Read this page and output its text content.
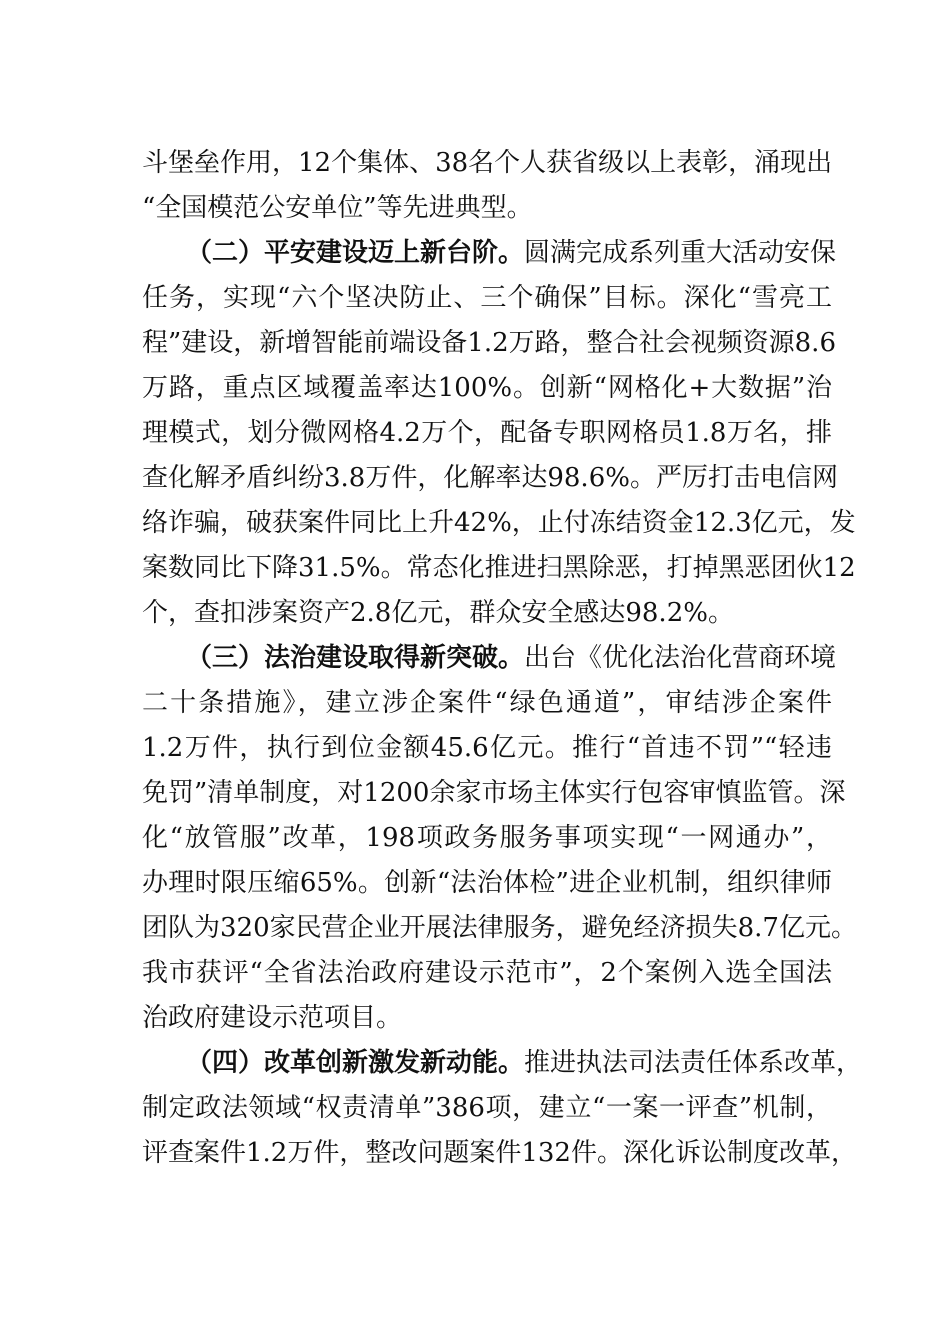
斗堡垒作用，12个集体、38名个人获省级以上表彰，涌现出
“全国模范公安单位”等先进典型。
（二）平安建设迈上新台阶。圆满完成系列重大活动安保
任务，实现“六个坚决防止、三个确保”目标。深化“雪亮工
程”建设，新增智能前端设备1.2万路，整合社会视频资源8.6
万路，重点区域覆盖率达100%。创新“网格化+大数据”治
理模式，划分微网格4.2万个，配备专职网格员1.8万名，排
查化解矛盾纠纷3.8万件，化解率达98.6%。严厉打击电信网
络诈骗，破获案件同比上升42%，止付冻结资金12.3亿元，发
案数同比下降31.5%。常态化推进扫黑除恶，打掉黑恶团伙12
个，查扣涉案资产2.8亿元，群众安全感达98.2%。
（三）法治建设取得新突破。出台《优化法治化营商环境
二十条措施》，建立涉企案件“绿色通道”，审结涉企案件
1.2万件，执行到位金额45.6亿元。推行“首违不罚”“轻违
免罚”清单制度，对1200余家市场主体实行包容审慎监管。深
化“放管服”改革，198项政务服务事项实现“一网通办”，
办理时限压缩65%。创新“法治体检”进企业机制，组织律师
团队为320家民营企业开展法律服务，避免经济损失8.7亿元。
我市获评“全省法治政府建设示范市”，2个案例入选全国法
治政府建设示范项目。
（四）改革创新激发新动能。推进执法司法责任体系改革，
制定政法领域“权责清单”386项，建立“一案一评查”机制，
评查案件1.2万件，整改问题案件132件。深化诉讼制度改革，
